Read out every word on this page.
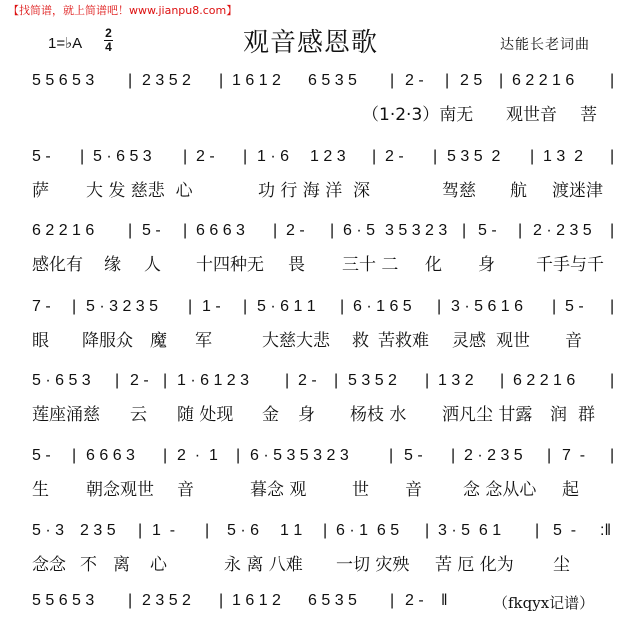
【找简谱，就上简谱吧！www.jianpu8.com】
1=♭A
2
4	观音感恩歌	达能长老词曲
5 5 6 5 3 | 2 3 5 2 | 1 6 1 2 6 5 3 5 | 2 - | 2 5 | 6 2 2 1 6 |
（1·2·3）南无 观世音 菩
5 - | 5 · 6 5 3 | 2 - | 1 · 6 1 2 3 | 2 - | 5 3 5  2 | 1 3  2 |
萨 大 发 慈悲  心	功 行 海 洋  深	驾慈 航 渡迷津
6 2 2 1 6 | 5 - | 6 6 6 3 | 2 - | 6 · 5 3 5 3 2 3 | 5 - | 2 · 2 3 5 |
感化有 缘 人 十四种无 畏 三十 二 化 身 千手与千
7 - | 5 · 3 2 3 5 | 1 - | 5 · 6 1 1 | 6 · 1 6 5 | 3 · 5 6 1 6 | 5 - |
眼 降服众 魔 军	大慈大悲 救 苦救难 灵感 观世 音
5 · 6 5 3 | 2 - | 1 · 6 1 2 3 | 2 - | 5 3 5 2 | 1 3 2 | 6 2 2 1 6 |
莲座涌慈 云 随 处现 金 身 杨枝 水 洒凡尘 甘露 润 群
5 - | 6 6 6 3 | 2  ·  1 | 6 · 5 3 5 3 2 3	| 5 - | 2 · 2 3 5 | 7  - |
生 朝念观世 音	暮念 观	世 音 念 念从心 起
5 · 3 2 3 5 | 1  - | 5 · 6 1 1 | 6 · 1  6 5 | 3 · 5  6 1 | 5  - :‖
念念 不 离 心	永 离 八难 一切 灾殃 苦 厄 化为 尘
5 5 6 5 3 | 2 3 5 2 | 1 6 1 2 6 5 3 5 | 2 - ‖	（fkqyx记谱）
